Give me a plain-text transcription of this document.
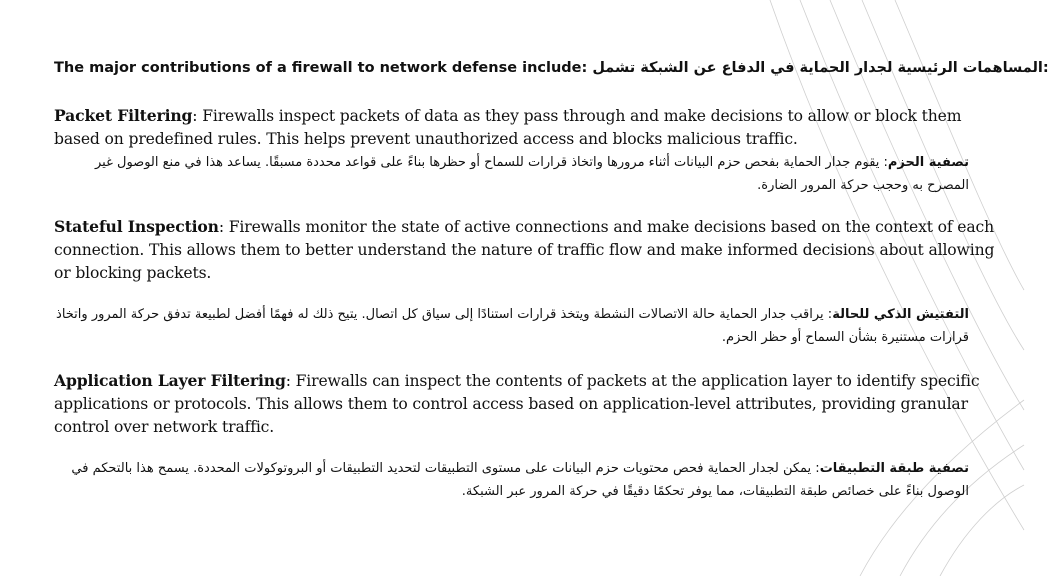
The major contributions of a firewall to network defense include: المساهمات الرئيسية لجدار الحماية في الدفاع عن الشبكة تشمل:

Packet Filtering: Firewalls inspect packets of data as they pass through and make decisions to allow or block them based on predefined rules. This helps prevent unauthorized access and blocks malicious traffic.

تصفية الحزم: يقوم جدار الحماية بفحص حزم البيانات أثناء مرورها واتخاذ قرارات للسماح أو حظرها بناءً على قواعد محددة مسبقًا. يساعد هذا في منع الوصول غير المصرح به وحجب حركة المرور الضارة.

Stateful Inspection: Firewalls monitor the state of active connections and make decisions based on the context of each connection. This allows them to better understand the nature of traffic flow and make informed decisions about allowing or blocking packets.

التفتيش الذكي للحالة: يراقب جدار الحماية حالة الاتصالات النشطة ويتخذ قرارات استنادًا إلى سياق كل اتصال. يتيح ذلك له فهمًا أفضل لطبيعة تدفق حركة المرور واتخاذ قرارات مستنيرة بشأن السماح أو حظر الحزم.

Application Layer Filtering: Firewalls can inspect the contents of packets at the application layer to identify specific applications or protocols. This allows them to control access based on application-level attributes, providing granular control over network traffic.

تصفية طبقة التطبيقات: يمكن لجدار الحماية فحص محتويات حزم البيانات على مستوى التطبيقات لتحديد التطبيقات أو البروتوكولات المحددة. يسمح هذا بالتحكم في الوصول بناءً على خصائص طبقة التطبيقات، مما يوفر تحكمًا دقيقًا في حركة المرور عبر الشبكة.
